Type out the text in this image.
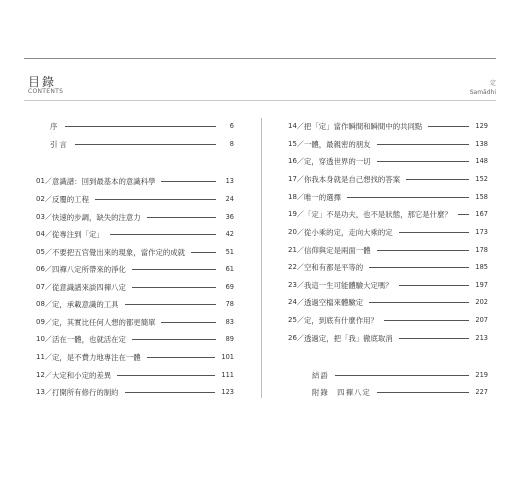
目錄
CONTENTS
定
Samādhi
序	6
引言	8
01／ 意識譜：回到最基本的意識科學	13
02／ 反覆的工程	24
03／ 快速的步調，缺失的注意力	36
04／ 從專注到「定」	42
05／ 不要把五官覺出來的現象，當作定的成就	51
06／ 四禪八定所帶來的淨化	61
07／ 從意識譜來談四禪八定	69
08／ 定，承載意識的工具	78
09／ 定，其實比任何人想的都更簡單	83
10／ 活在一體，也就活在定	89
11／ 定，是不費力地專注在一體	101
12／ 大定和小定的差異	111
13／ 打開所有修行的制約	123
14／ 把「定」當作瞬間和瞬間中的共同點	129
15／ 一體，最親密的朋友	138
16／ 定，穿透世界的一切	148
17／ 你我本身就是自己想找的答案	152
18／ 唯一的選擇	158
19／ 「定」不是功夫，也不是狀態，那它是什麼？	167
20／ 從小乘的定，走向大乘的定	173
21／ 信仰與定是兩面一體	178
22／ 空和有都是平等的	185
23／ 我這一生可能體驗大定嗎？	197
24／ 透過空檔來體驗定	202
25／ 定，到底有什麼作用？	207
26／ 透過定，把「我」徹底取消	213
結語	219
附錄　四禪八定	227
